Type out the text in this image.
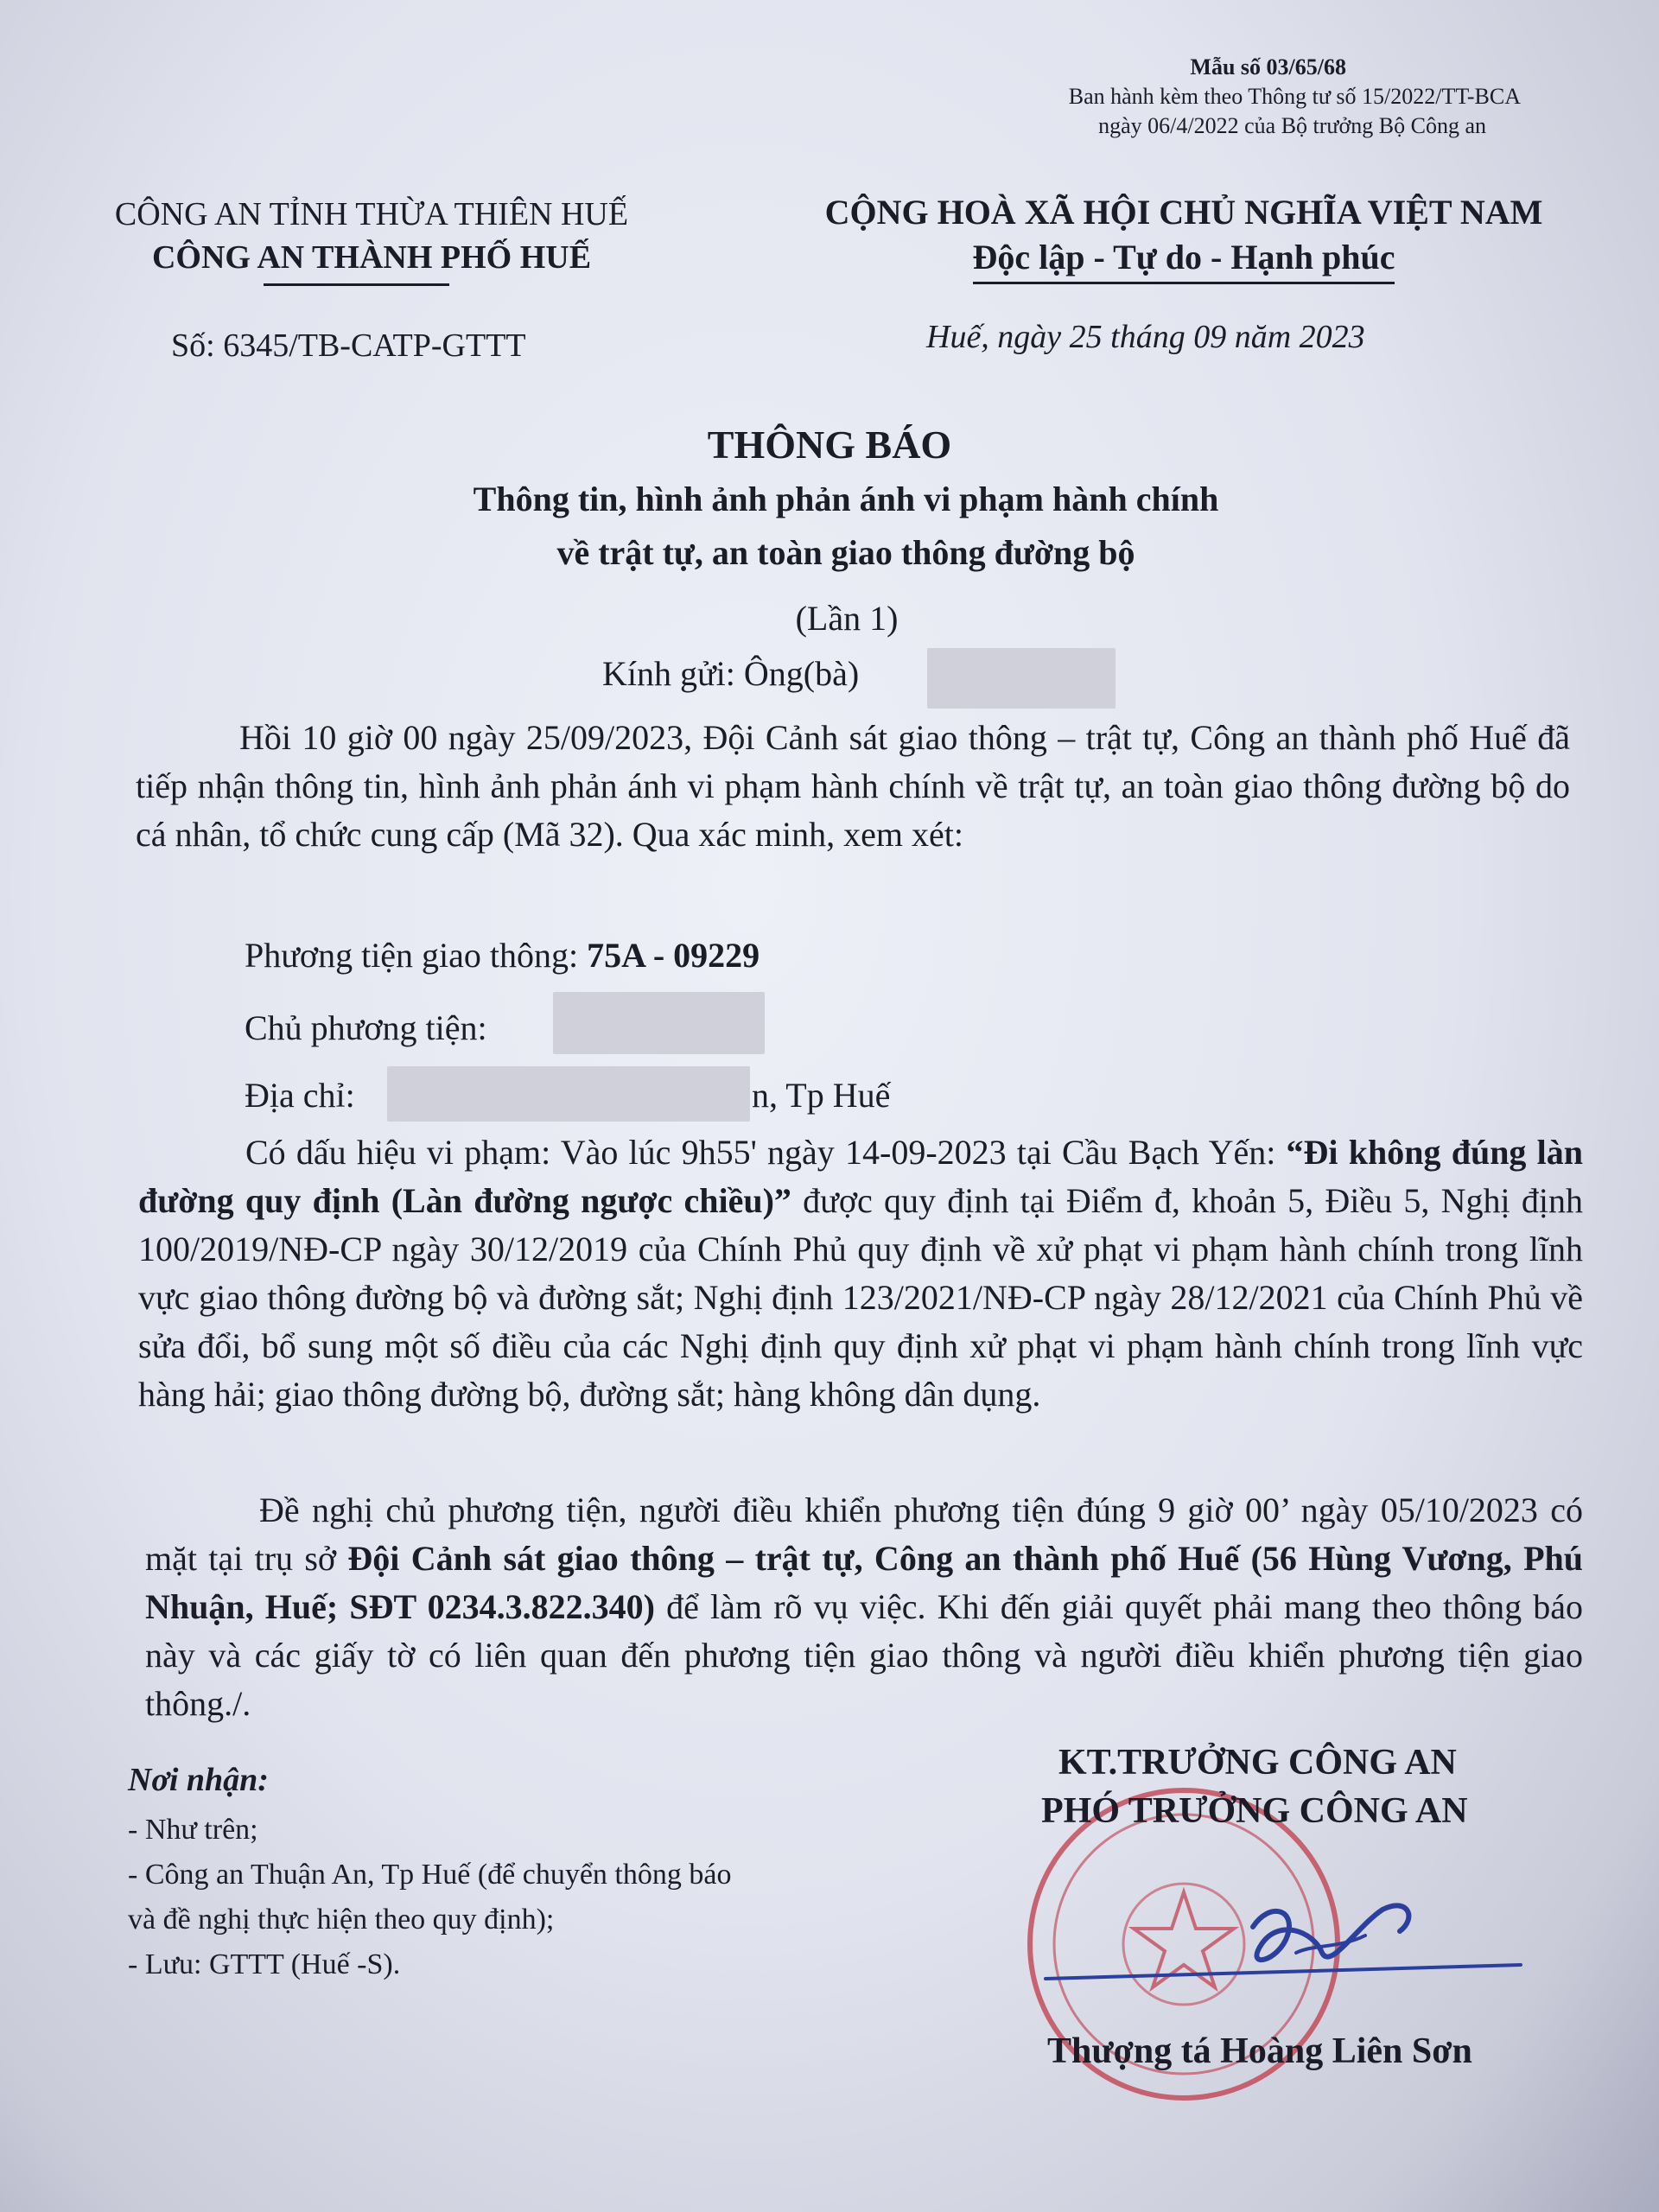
Mẫu số 03/65/68
Ban hành kèm theo Thông tư số 15/2022/TT-BCA
ngày 06/4/2022 của Bộ trưởng Bộ Công an
CÔNG AN TỈNH THỪA THIÊN HUẾ
CÔNG AN THÀNH PHỐ HUẾ
Số: 6345/TB-CATP-GTTT
CỘNG HOÀ XÃ HỘI CHỦ NGHĨA VIỆT NAM
Độc lập - Tự do - Hạnh phúc
Huế, ngày 25 tháng 09 năm 2023
THÔNG BÁO
Thông tin, hình ảnh phản ánh vi phạm hành chính
về trật tự, an toàn giao thông đường bộ
(Lần 1)
Kính gửi: Ông(bà)
Hồi 10 giờ 00 ngày 25/09/2023, Đội Cảnh sát giao thông – trật tự, Công an thành phố Huế đã tiếp nhận thông tin, hình ảnh phản ánh vi phạm hành chính về trật tự, an toàn giao thông đường bộ do cá nhân, tổ chức cung cấp (Mã 32). Qua xác minh, xem xét:
Phương tiện giao thông: 75A - 09229
Chủ phương tiện:
Địa chỉ:	n, Tp Huế
Có dấu hiệu vi phạm: Vào lúc 9h55' ngày 14-09-2023 tại Cầu Bạch Yến: “Đi không đúng làn đường quy định (Làn đường ngược chiều)” được quy định tại Điểm đ, khoản 5, Điều 5, Nghị định 100/2019/NĐ-CP ngày 30/12/2019 của Chính Phủ quy định về xử phạt vi phạm hành chính trong lĩnh vực giao thông đường bộ và đường sắt; Nghị định 123/2021/NĐ-CP ngày 28/12/2021 của Chính Phủ về sửa đổi, bổ sung một số điều của các Nghị định quy định xử phạt vi phạm hành chính trong lĩnh vực hàng hải; giao thông đường bộ, đường sắt; hàng không dân dụng.
Đề nghị chủ phương tiện, người điều khiển phương tiện đúng 9 giờ 00’ ngày 05/10/2023 có mặt tại trụ sở Đội Cảnh sát giao thông – trật tự, Công an thành phố Huế (56 Hùng Vương, Phú Nhuận, Huế; SĐT 0234.3.822.340) để làm rõ vụ việc. Khi đến giải quyết phải mang theo thông báo này và các giấy tờ có liên quan đến phương tiện giao thông và người điều khiển phương tiện giao thông./.
Nơi nhận:
- Như trên;
- Công an Thuận An, Tp Huế (để chuyển thông báo
và đề nghị thực hiện theo quy định);
- Lưu: GTTT (Huế -S).
KT.TRƯỞNG CÔNG AN
PHÓ TRƯỞNG CÔNG AN
Thượng tá Hoàng Liên Sơn
